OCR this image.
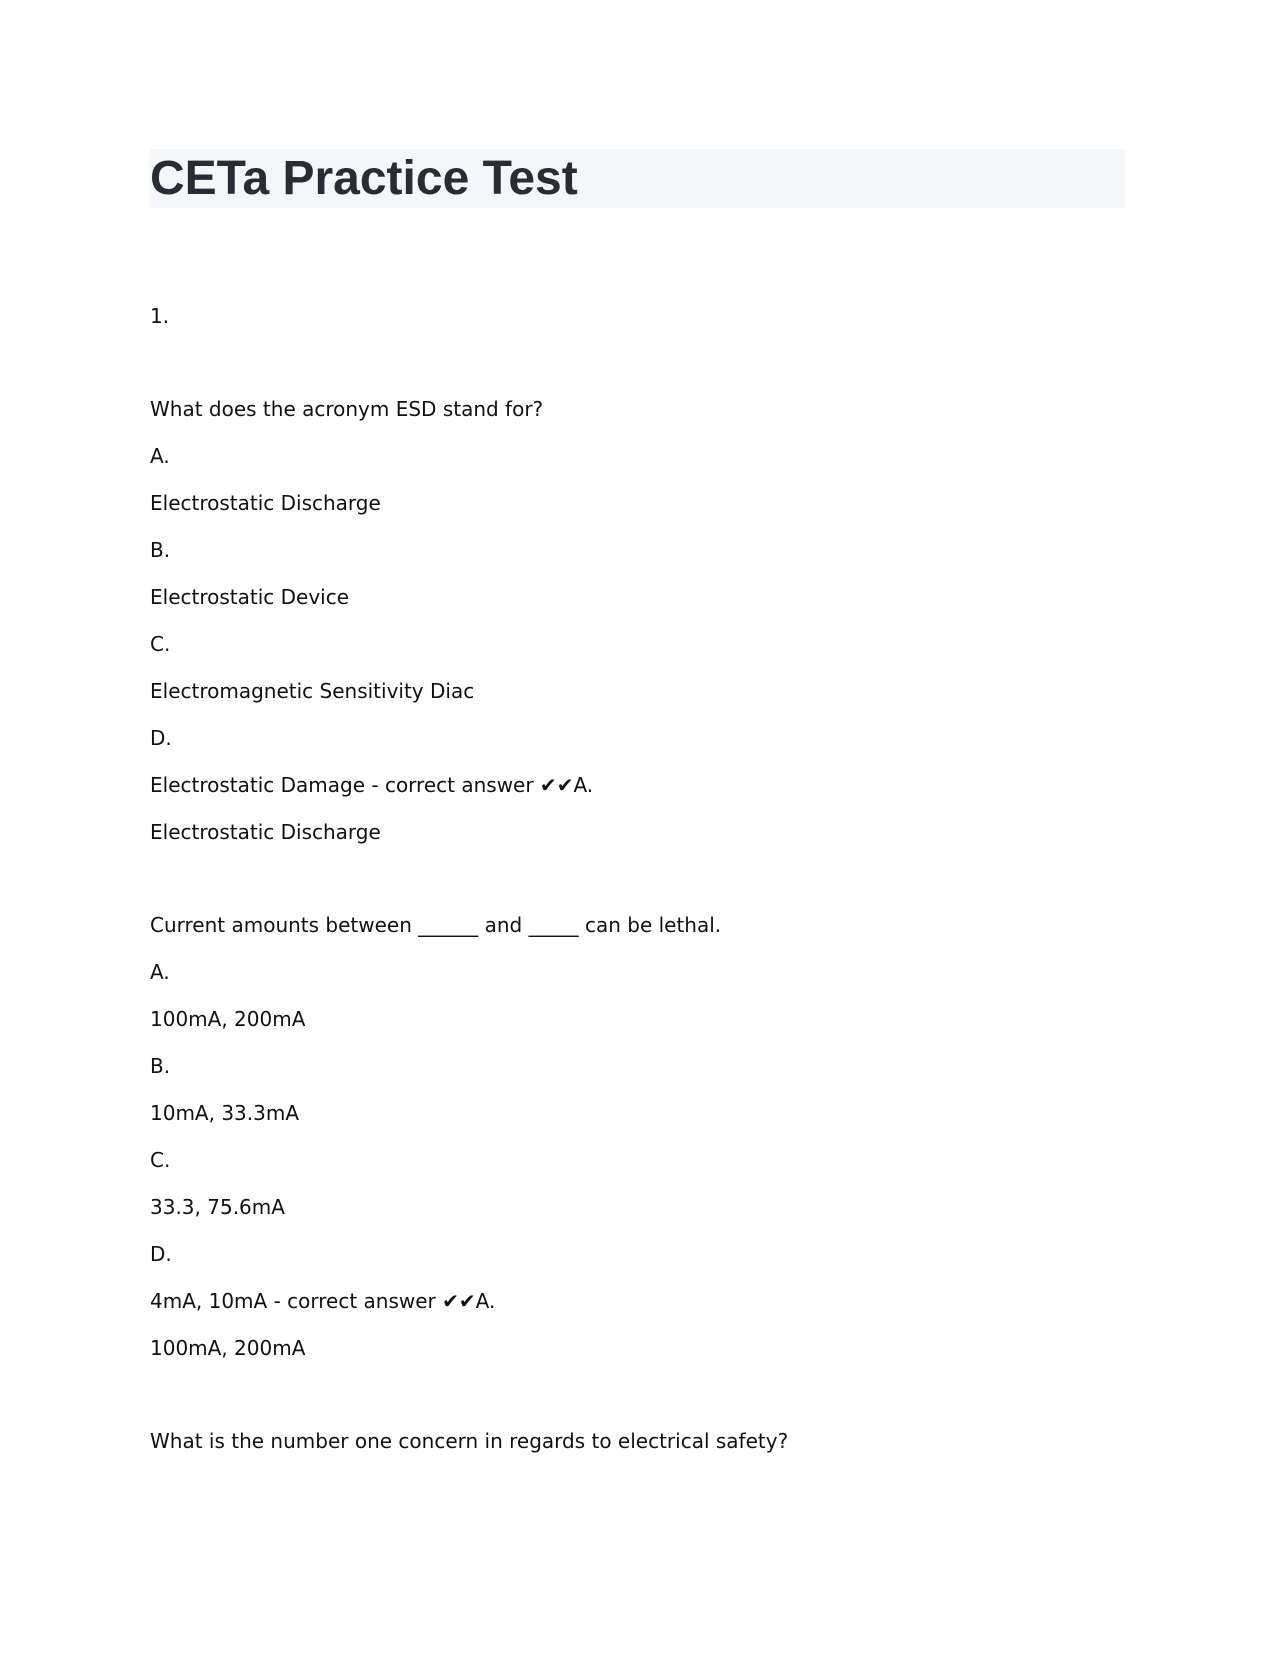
CETa Practice Test

1.

What does the acronym ESD stand for?

A.

Electrostatic Discharge

B.

Electrostatic Device

C.

Electromagnetic Sensitivity Diac

D.

Electrostatic Damage - correct answer ✔✔A.

Electrostatic Discharge

Current amounts between ______ and _____ can be lethal.

A.

100mA, 200mA

B.

10mA, 33.3mA

C.

33.3, 75.6mA

D.

4mA, 10mA - correct answer ✔✔A.

100mA, 200mA

What is the number one concern in regards to electrical safety?
